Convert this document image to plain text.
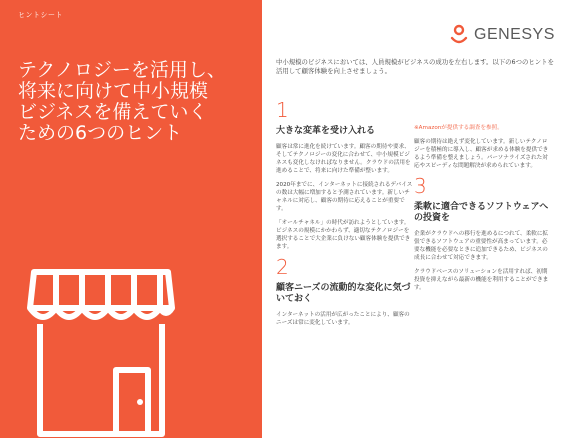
ヒントシート
テクノロジーを活用し、
将来に向けて中小規模
ビジネスを備えていく
ための6つのヒント
GENESYS
中小規模のビジネスにおいては、人員規模がビジネスの成功を左右します。以下の6つのヒントを活用して顧客体験を向上させましょう。
1
大きな変革を受け入れる

顧客は常に進化を続けています。顧客の期待や要求、そしてテクノロジーの変化に合わせて、中小規模ビジネスも変化しなければなりません。クラウドの活用を進めることで、将来に向けた準備が整います。

2020年までに、インターネットに接続されるデバイスの数は大幅に増加すると予測されています。新しいチャネルに対応し、顧客の期待に応えることが重要です。

「オールチャネル」の時代が訪れようとしています。ビジネスの規模にかかわらず、適切なテクノロジーを選択することで大企業に負けない顧客体験を提供できます。

2
顧客ニーズの流動的な変化に気づいておく

インターネットの活用が広がったことにより、顧客のニーズは常に変化しています。

※Amazonが提供する調査を参照。

顧客の期待は絶えず変化しています。新しいテクノロジーを積極的に導入し、顧客が求める体験を提供できるよう準備を整えましょう。パーソナライズされた対応やスピーディな問題解決が求められています。

3
柔軟に適合できるソフトウェアへの投資を

企業がクラウドへの移行を進めるにつれて、柔軟に拡張できるソフトウェアの重要性が高まっています。必要な機能を必要なときに追加できるため、ビジネスの成長に合わせて対応できます。

クラウドベースのソリューションを活用すれば、初期投資を抑えながら最新の機能を利用することができます。
